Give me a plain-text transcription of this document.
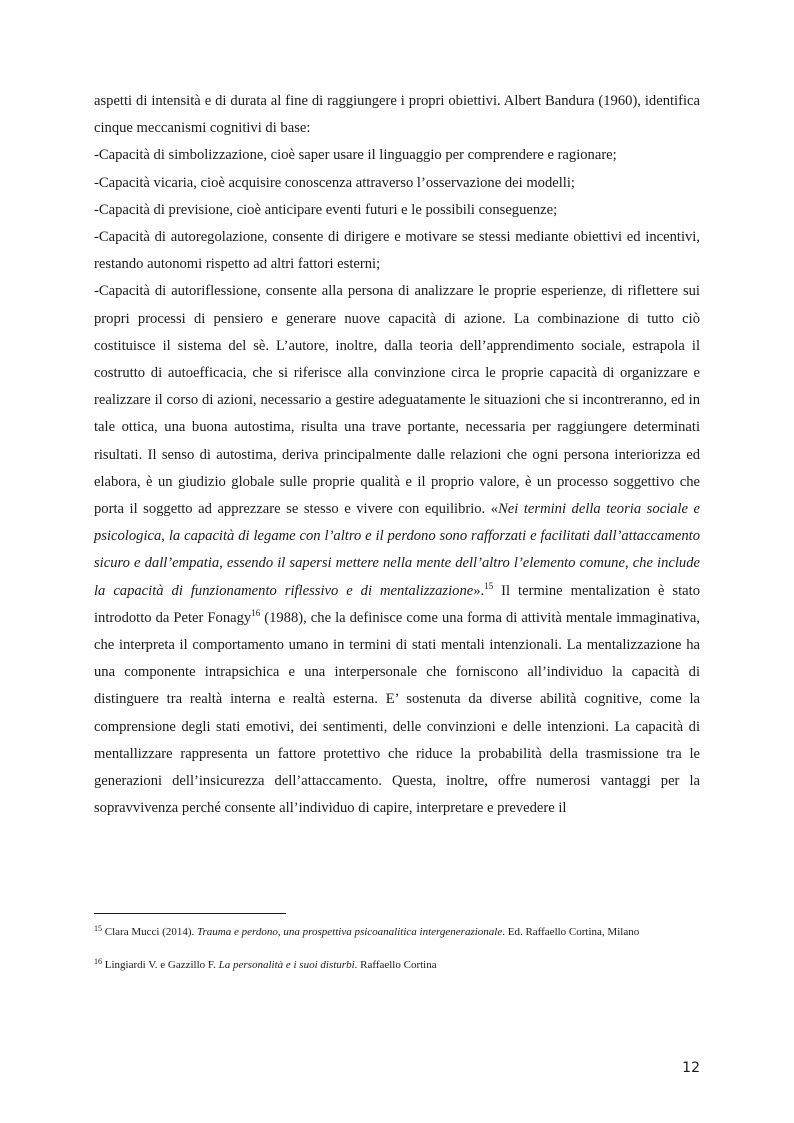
aspetti di intensità e di durata al fine di raggiungere i propri obiettivi. Albert Bandura (1960), identifica cinque meccanismi cognitivi di base:

-Capacità di simbolizzazione, cioè saper usare il linguaggio per comprendere e ragionare;

-Capacità vicaria, cioè acquisire conoscenza attraverso l’osservazione dei modelli;

-Capacità di previsione, cioè anticipare eventi futuri e le possibili conseguenze;

-Capacità di autoregolazione, consente di dirigere e motivare se stessi mediante obiettivi ed incentivi, restando autonomi rispetto ad altri fattori esterni;

-Capacità di autoriflessione, consente alla persona di analizzare le proprie esperienze, di riflettere sui propri processi di pensiero e generare nuove capacità di azione. La combinazione di tutto ciò costituisce il sistema del sè. L’autore, inoltre, dalla teoria dell’apprendimento sociale, estrapola il costrutto di autoefficacia, che si riferisce alla convinzione circa le proprie capacità di organizzare e realizzare il corso di azioni, necessario a gestire adeguatamente le situazioni che si incontreranno, ed in tale ottica, una buona autostima, risulta una trave portante, necessaria per raggiungere determinati risultati. Il senso di autostima, deriva principalmente dalle relazioni che ogni persona interiorizza ed elabora, è un giudizio globale sulle proprie qualità e il proprio valore, è un processo soggettivo che porta il soggetto ad apprezzare se stesso e vivere con equilibrio. «Nei termini della teoria sociale e psicologica, la capacità di legame con l’altro e il perdono sono rafforzati e facilitati dall’attaccamento sicuro e dall’empatia, essendo il sapersi mettere nella mente dell’altro l’elemento comune, che include la capacità di funzionamento riflessivo e di mentalizzazione».$^{15}$ Il termine mentalization è stato introdotto da Peter Fonagy$^{16}$ (1988), che la definisce come una forma di attività mentale immaginativa, che interpreta il comportamento umano in termini di stati mentali intenzionali. La mentalizzazione ha una componente intrapsichica e una interpersonale che forniscono all’individuo la capacità di distinguere tra realtà interna e realtà esterna. E’ sostenuta da diverse abilità cognitive, come la comprensione degli stati emotivi, dei sentimenti, delle convinzioni e delle intenzioni. La capacità di mentallizzare rappresenta un fattore protettivo che riduce la probabilità della trasmissione tra le generazioni dell’insicurezza dell’attaccamento. Questa, inoltre, offre numerosi vantaggi per la sopravvivenza perché consente all’individuo di capire, interpretare e prevedere il

$^{15}$ Clara Mucci (2014). Trauma e perdono, una prospettiva psicoanalitica intergenerazionale. Ed. Raffaello Cortina, Milano

$^{16}$ Lingiardi V. e Gazzillo F. La personalità e i suoi disturbi. Raffaello Cortina

12
